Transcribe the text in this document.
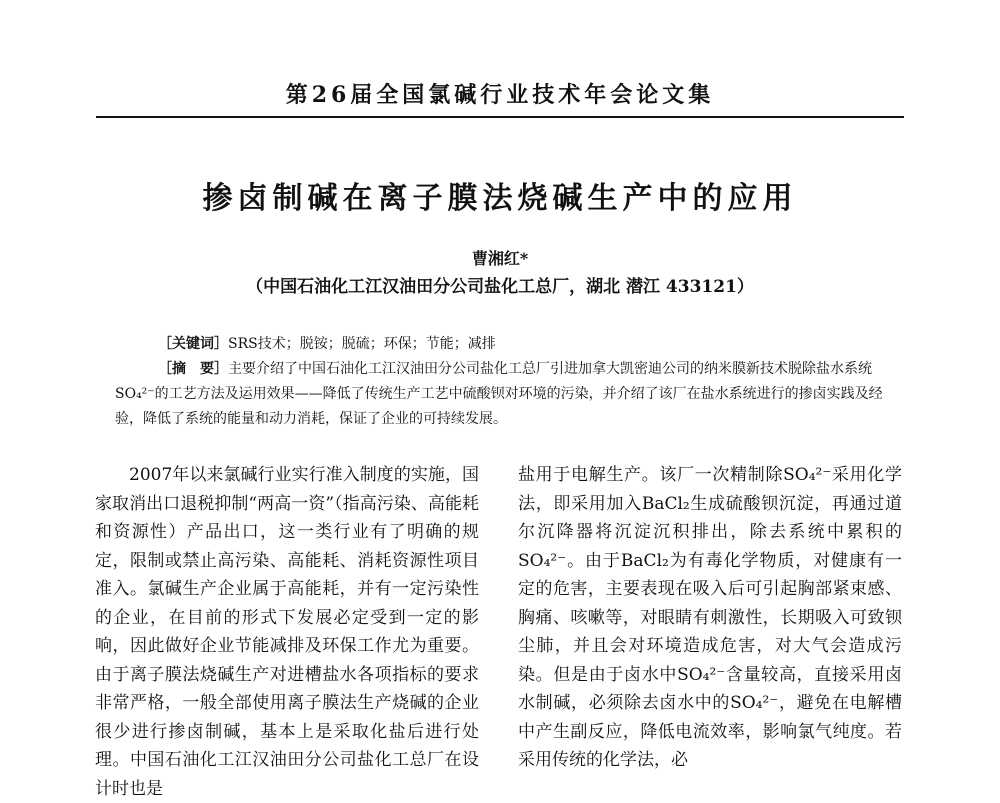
第26届全国氯碱行业技术年会论文集
掺卤制碱在离子膜法烧碱生产中的应用
曹湘红*
（中国石油化工江汉油田分公司盐化工总厂，湖北 潜江 433121）
［关键词］SRS技术；脱铵；脱硫；环保；节能；减排
［摘　要］主要介绍了中国石油化工江汉油田分公司盐化工总厂引进加拿大凯密迪公司的纳米膜新技术脱除盐水系统SO₄²⁻的工艺方法及运用效果——降低了传统生产工艺中硫酸钡对环境的污染，并介绍了该厂在盐水系统进行的掺卤实践及经验，降低了系统的能量和动力消耗，保证了企业的可持续发展。

2007年以来氯碱行业实行准入制度的实施，国家取消出口退税抑制“两高一资”（指高污染、高能耗和资源性）产品出口，这一类行业有了明确的规定，限制或禁止高污染、高能耗、消耗资源性项目准入。氯碱生产企业属于高能耗，并有一定污染性的企业，在目前的形式下发展必定受到一定的影响，因此做好企业节能减排及环保工作尤为重要。由于离子膜法烧碱生产对进槽盐水各项指标的要求非常严格，一般全部使用离子膜法生产烧碱的企业很少进行掺卤制碱，基本上是采取化盐后进行处理。中国石油化工江汉油田分公司盐化工总厂在设计时也是

盐用于电解生产。该厂一次精制除SO₄²⁻采用化学法，即采用加入BaCl₂生成硫酸钡沉淀，再通过道尔沉降器将沉淀沉积排出，除去系统中累积的SO₄²⁻。由于BaCl₂为有毒化学物质，对健康有一定的危害，主要表现在吸入后可引起胸部紧束感、胸痛、咳嗽等，对眼睛有刺激性，长期吸入可致钡尘肺，并且会对环境造成危害，对大气会造成污染。但是由于卤水中SO₄²⁻含量较高，直接采用卤水制碱，必须除去卤水中的SO₄²⁻，避免在电解槽中产生副反应，降低电流效率，影响氯气纯度。若采用传统的化学法，必
